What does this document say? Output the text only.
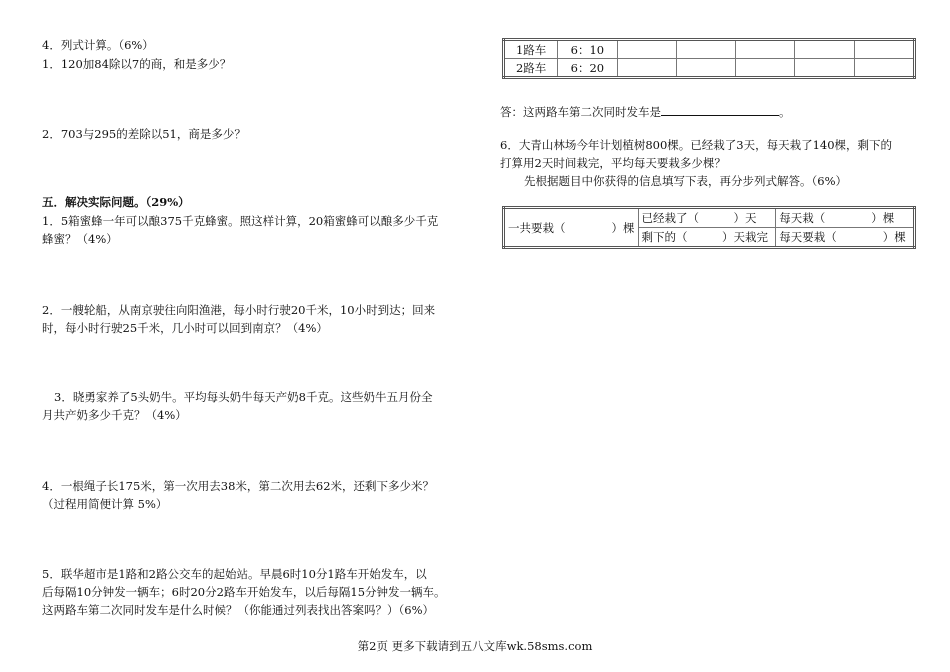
4．列式计算。（6%）
1．120加84除以7的商，和是多少？
2．703与295的差除以51，商是多少？
五．解决实际问题。（29%）
1．5箱蜜蜂一年可以酿375千克蜂蜜。照这样计算，20箱蜜蜂可以酿多少千克
蜂蜜？（4%）
2．一艘轮船，从南京驶往向阳渔港，每小时行驶20千米，10小时到达；回来
时，每小时行驶25千米，几小时可以回到南京？（4%）
3．晓勇家养了5头奶牛。平均每头奶牛每天产奶8千克。这些奶牛五月份全
月共产奶多少千克？（4%）
4．一根绳子长175米，第一次用去38米，第二次用去62米，还剩下多少米？
（过程用简便计算 5%）
5．联华超市是1路和2路公交车的起始站。早晨6时10分1路车开始发车，以
后每隔10分钟发一辆车；6时20分2路车开始发车，以后每隔15分钟发一辆车。
这两路车第二次同时发车是什么时候？（你能通过列表找出答案吗？）（6%）
1路车	6：10					
2路车	6：20					
答：这两路车第二次同时发车是	。
6．大青山林场今年计划植树800棵。已经栽了3天，每天栽了140棵，剩下的
打算用2天时间栽完，平均每天要栽多少棵？
先根据题目中你获得的信息填写下表，再分步列式解答。（6%）
一共要栽（　　　　）棵	已经栽了（　　　）天	每天栽（　　　　）棵
	剩下的（　　　）天栽完	每天要栽（　　　　）棵
第2页 更多下载请到五八文库wk.58sms.com
